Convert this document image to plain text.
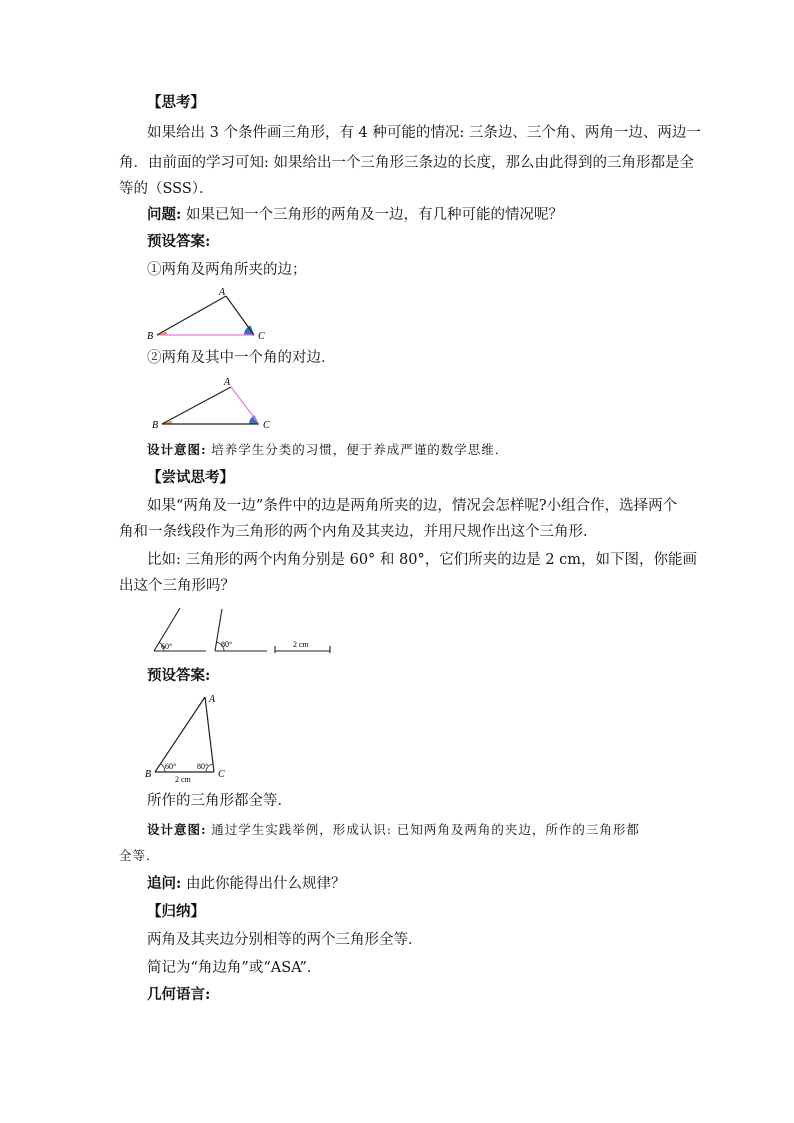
【思考】
如果给出 3 个条件画三角形，有 4 种可能的情况: 三条边、三个角、两角一边、两边一
角．由前面的学习可知: 如果给出一个三角形三条边的长度，那么由此得到的三角形都是全
等的（SSS）．
问题: 如果已知一个三角形的两角及一边，有几种可能的情况呢？
预设答案:
①两角及两角所夹的边；
A
B	C
②两角及其中一个角的对边．
A
B	C
设计意图: 培养学生分类的习惯，便于养成严谨的数学思维．
【尝试思考】
如果“两角及一边”条件中的边是两角所夹的边，情况会怎样呢?小组合作，选择两个
角和一条线段作为三角形的两个内角及其夹边，并用尺规作出这个三角形.
比如: 三角形的两个内角分别是 60° 和 80°，它们所夹的边是 2 cm，如下图，你能画
出这个三角形吗？
60°	80°	2 cm
预设答案:
A
B	C
60°	80°
2 cm
所作的三角形都全等．
设计意图: 通过学生实践举例，形成认识: 已知两角及两角的夹边，所作的三角形都
全等．
追问: 由此你能得出什么规律？
【归纳】
两角及其夹边分别相等的两个三角形全等．
简记为“角边角”或“ASA”．
几何语言:
